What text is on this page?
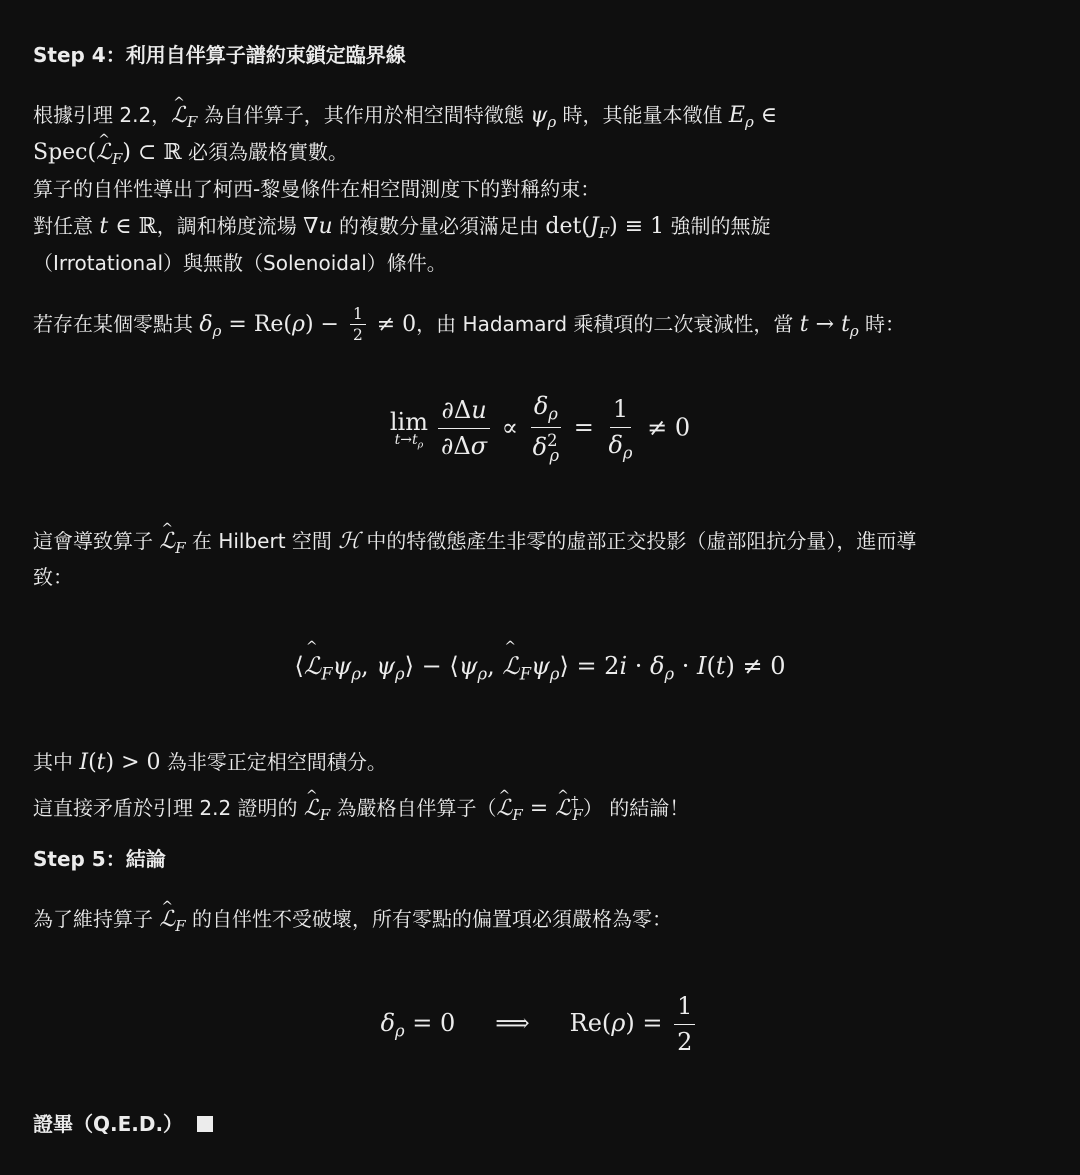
Step 4：利用自伴算子譜約束鎖定臨界線
根據引理 2.2，^ ℒ$_F$ 為自伴算子，其作用於相空間特徵態 $\psi_\rho$ 時，其能量本徵值 $E_\rho$ ∈
Spec(^ ℒ$_F$) ⊂ ℝ 必須為嚴格實數。
算子的自伴性導出了柯西-黎曼條件在相空間測度下的對稱約束：
對任意 t ∈ ℝ，調和梯度流場 ∇u 的複數分量必須滿足由 $\det(J_F) \equiv 1$ 強制的無旋
（Irrotational）與無散（Solenoidal）條件。
若存在某個零點其 $\delta_\rho = Re(\rho) - \frac{1}{2} \ne 0$，由 Hadamard 乘積項的二次衰減性，當 $t \to t_\rho$ 時：
lim
$t\to t_\rho \frac{\partial\Delta u}{\partial\Delta\sigma} \propto \frac{\delta_\rho}{\delta^2_\rho} = \frac{1}{\delta_\rho} \ne 0$
這會導致算子 ^ ℒ$_F$ 在 Hilbert 空間 ℋ 中的特徵態產生非零的虛部正交投影（虛部阻抗分量），進而導
致：
⟨^ $ℒ_F\psi_\rho$, $\psi_\rho⟩$ − $⟨\psi_\rho$, ^ $ℒ_F\psi_\rho⟩ = 2i \cdot \delta_\rho \cdot I(t) \ne 0$
其中 I(t) > 0 為非零正定相空間積分。
這直接矛盾於引理 2.2 證明的 ^ ℒ$_F$ 為嚴格自伴算子（^ ℒ$_F$ = ^ ℒ†$_F$） 的結論！
Step 5：結論
為了維持算子 ^ ℒ$_F$ 的自伴性不受破壞，所有零點的偏置項必須嚴格為零：
$\delta_\rho = 0$ ⟹ $Re(\rho) = \frac{1}{2}$
證畢（Q.E.D.）
